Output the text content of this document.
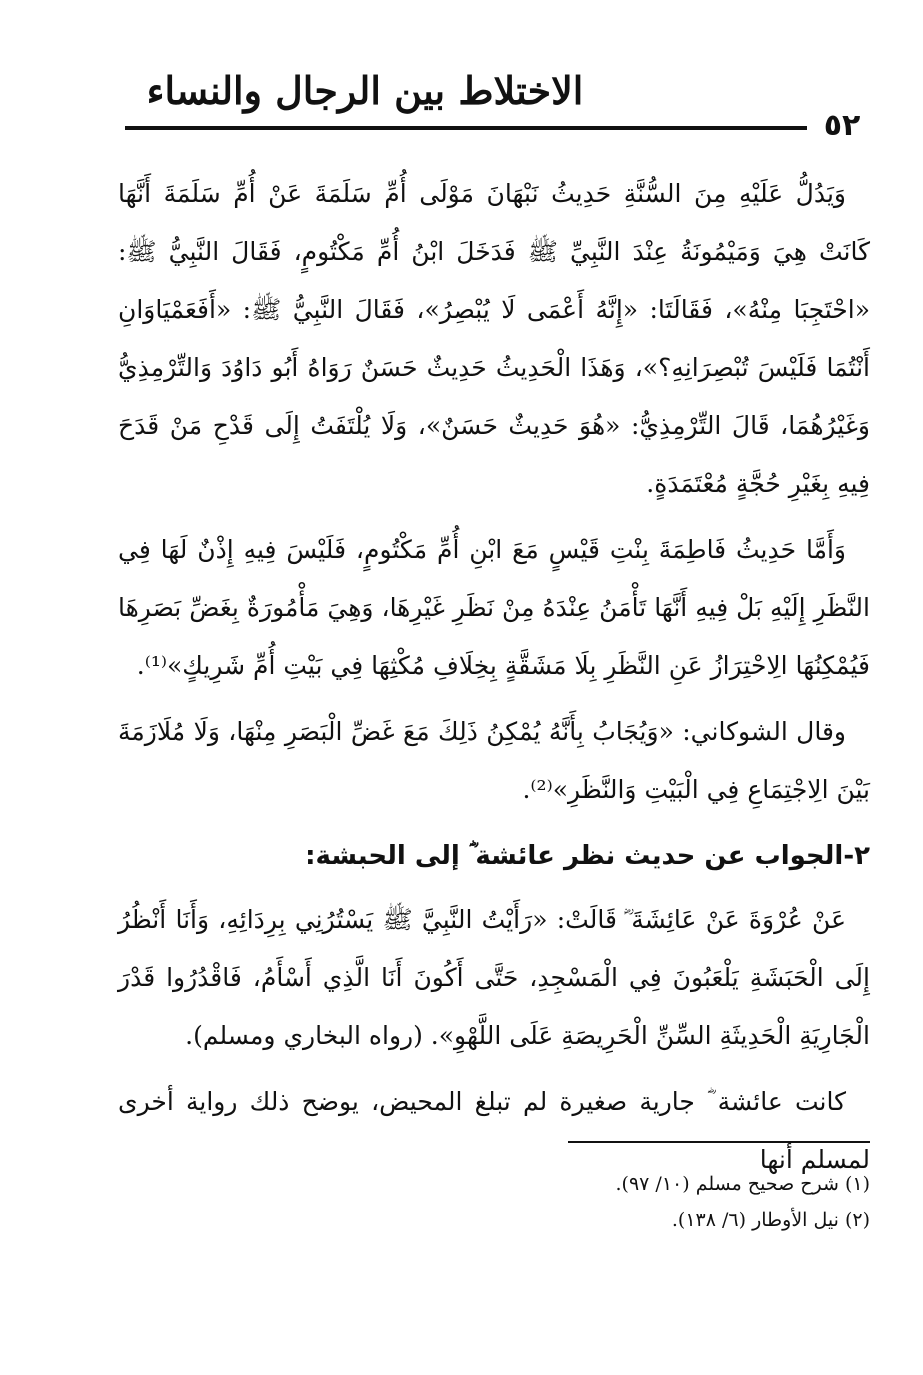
الاختلاط بين الرجال والنساء
٥٢

وَيَدُلُّ عَلَيْهِ مِنَ السُّنَّةِ حَدِيثُ نَبْهَانَ مَوْلَى أُمِّ سَلَمَةَ عَنْ أُمِّ سَلَمَةَ أَنَّهَا كَانَتْ هِيَ وَمَيْمُونَةُ عِنْدَ النَّبِيِّ ﷺ فَدَخَلَ ابْنُ أُمِّ مَكْتُومٍ، فَقَالَ النَّبِيُّ ﷺ: «احْتَجِبَا مِنْهُ»، فَقَالَتَا: «إِنَّهُ أَعْمَى لَا يُبْصِرُ»، فَقَالَ النَّبِيُّ ﷺ: «أَفَعَمْيَاوَانِ أَنْتُمَا فَلَيْسَ تُبْصِرَانِهِ؟»، وَهَذَا الْحَدِيثُ حَدِيثٌ حَسَنٌ رَوَاهُ أَبُو دَاوُدَ وَالتِّرْمِذِيُّ وَغَيْرُهُمَا، قَالَ التِّرْمِذِيُّ: «هُوَ حَدِيثٌ حَسَنٌ»، وَلَا يُلْتَفَتُ إِلَى قَدْحِ مَنْ قَدَحَ فِيهِ بِغَيْرِ حُجَّةٍ مُعْتَمَدَةٍ.

وَأَمَّا حَدِيثُ فَاطِمَةَ بِنْتِ قَيْسٍ مَعَ ابْنِ أُمِّ مَكْتُومٍ، فَلَيْسَ فِيهِ إِذْنٌ لَهَا فِي النَّظَرِ إِلَيْهِ بَلْ فِيهِ أَنَّهَا تَأْمَنُ عِنْدَهُ مِنْ نَظَرِ غَيْرِهَا، وَهِيَ مَأْمُورَةٌ بِغَضِّ بَصَرِهَا فَيُمْكِنُهَا الِاحْتِرَازُ عَنِ النَّظَرِ بِلَا مَشَقَّةٍ بِخِلَافِ مُكْثِهَا فِي بَيْتِ أُمِّ شَرِيكٍ»⁽¹⁾.

وقال الشوكاني: «وَيُجَابُ بِأَنَّهُ يُمْكِنُ ذَلِكَ مَعَ غَضِّ الْبَصَرِ مِنْهَا، وَلَا مُلَازَمَةَ بَيْنَ الِاجْتِمَاعِ فِي الْبَيْتِ وَالنَّظَرِ»⁽²⁾.

٢-الجواب عن حديث نظر عائشة ؓ إلى الحبشة:

عَنْ عُرْوَةَ عَنْ عَائِشَةَ ؓ قَالَتْ: «رَأَيْتُ النَّبِيَّ ﷺ يَسْتُرُنِي بِرِدَائِهِ، وَأَنَا أَنْظُرُ إِلَى الْحَبَشَةِ يَلْعَبُونَ فِي الْمَسْجِدِ، حَتَّى أَكُونَ أَنَا الَّذِي أَسْأَمُ، فَاقْدُرُوا قَدْرَ الْجَارِيَةِ الْحَدِيثَةِ السِّنِّ الْحَرِيصَةِ عَلَى اللَّهْوِ». (رواه البخاري ومسلم).

كانت عائشة ؓ جارية صغيرة لم تبلغ المحيض، يوضح ذلك رواية أخرى لمسلم أنها

(١) شرح صحيح مسلم (١٠/ ٩٧).
(٢) نيل الأوطار (٦/ ١٣٨).
